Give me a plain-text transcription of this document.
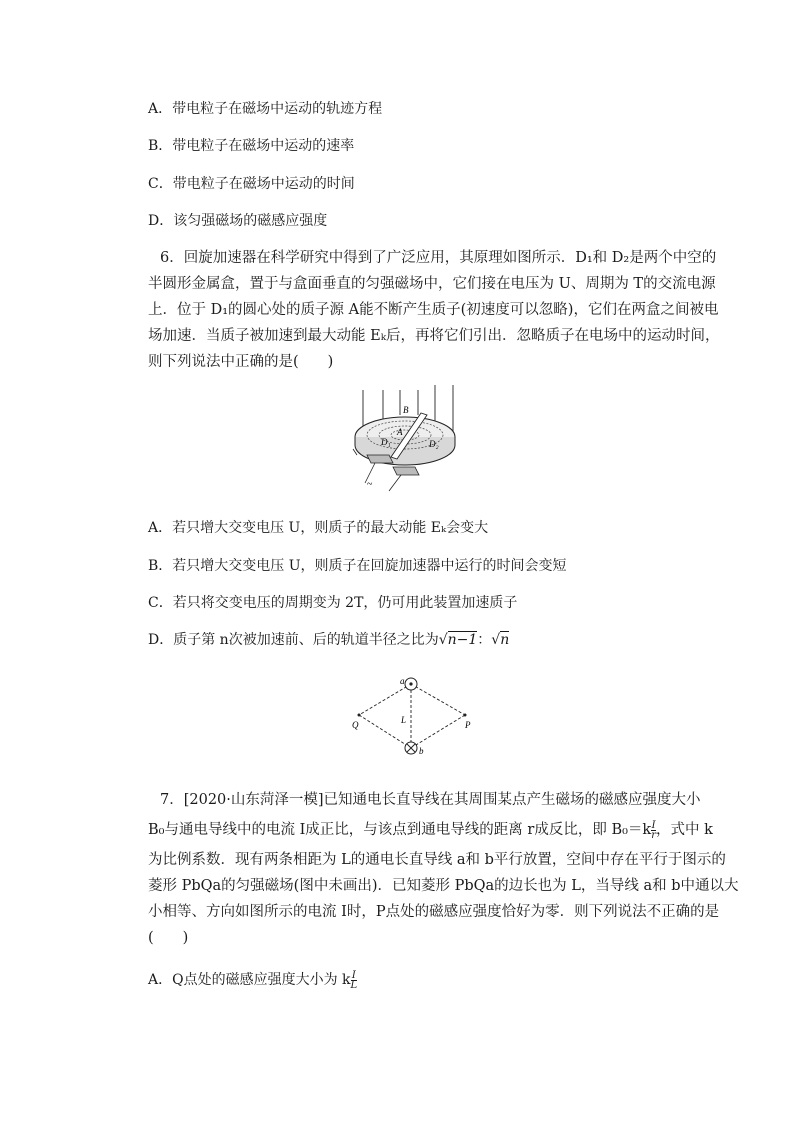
A．带电粒子在磁场中运动的轨迹方程
B．带电粒子在磁场中运动的速率
C．带电粒子在磁场中运动的时间
D．该匀强磁场的磁感应强度
6．回旋加速器在科学研究中得到了广泛应用，其原理如图所示．D₁和 D₂是两个中空的
半圆形金属盒，置于与盒面垂直的匀强磁场中，它们接在电压为 U、周期为 T的交流电源
上．位于 D₁的圆心处的质子源 A能不断产生质子(初速度可以忽略)，它们在两盒之间被电
场加速．当质子被加速到最大动能 Eₖ后，再将它们引出．忽略质子在电场中的运动时间，
则下列说法中正确的是(　　)
B
A
D₁	D₂
~
A．若只增大交变电压 U，则质子的最大动能 Eₖ会变大
B．若只增大交变电压 U，则质子在回旋加速器中运行的时间会变短
C．若只将交变电压的周期变为 2T，仍可用此装置加速质子
D．质子第 n次被加速前、后的轨道半径之比为√n−1：√n
a
b
Q	P
L
7．[2020·山东菏泽一模]已知通电长直导线在其周围某点产生磁场的磁感应强度大小
B₀与通电导线中的电流 I成正比，与该点到通电导线的距离 r成反比，即 $B_0=k \frac{I}{r}$ ，式中 k
为比例系数．现有两条相距为 L的通电长直导线 a和 b平行放置，空间中存在平行于图示的
菱形 PbQa的匀强磁场(图中未画出)．已知菱形 PbQa的边长也为 L，当导线 a和 b中通以大
小相等、方向如图所示的电流 I时，P点处的磁感应强度恰好为零．则下列说法不正确的是
(　　)
A．Q点处的磁感应强度大小为 k $\frac{I}{L}$
